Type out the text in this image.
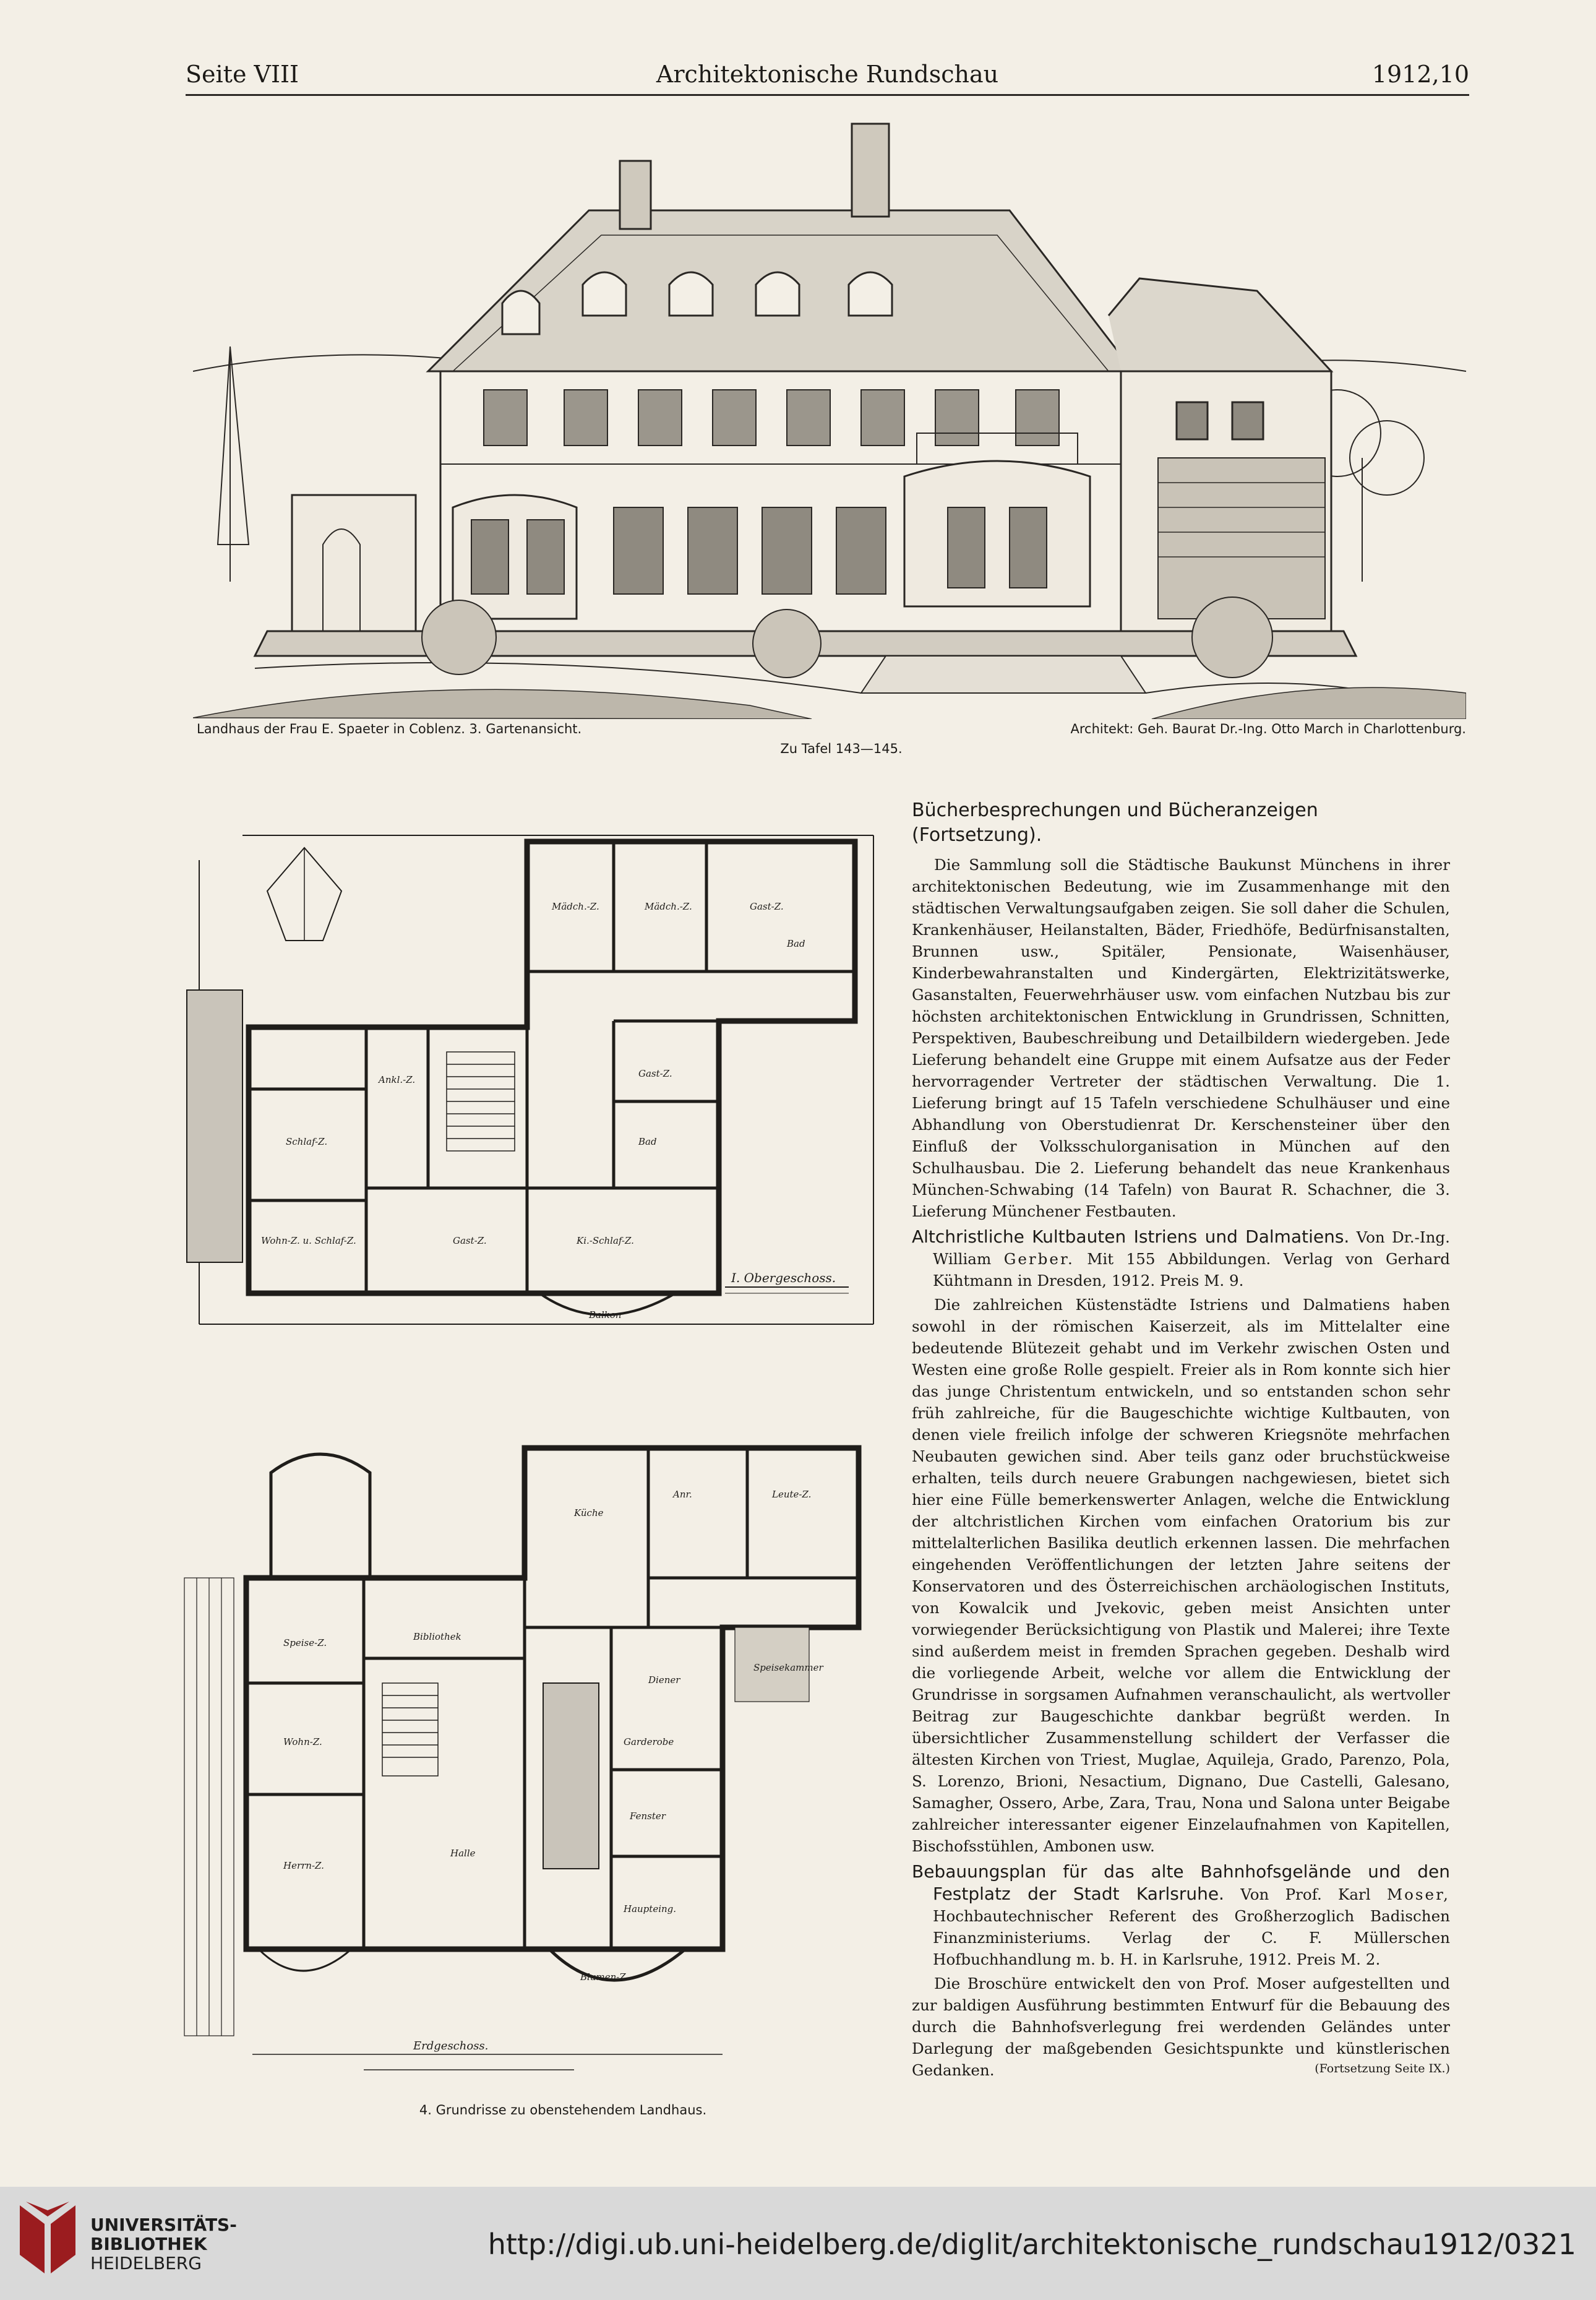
Architektonische Rundschau
Seite VIII	1912,10
Landhaus der Frau E. Spaeter in Coblenz. 3. Gartenansicht.	Architekt: Geh. Baurat Dr.-Ing. Otto March in Charlottenburg.
Zu Tafel 143—145.
Mädch.-Z.	Mädch.-Z.	Gast-Z.
Bad
Ankl.-Z.
Schlaf-Z.
Wohn-Z. u. Schlaf-Z.
Gast-Z.
Bad
Gast-Z.	Ki.-Schlaf-Z.
Balkon
I. Obergeschoss.
Küche
Anr.	Leute-Z.
Speisekammer
Diener
Speise-Z.
Bibliothek
Halle
Wohn-Z.	Garderobe
Fenster
Herrn-Z.
Haupteing.
Blumen-Z.
Erdgeschoss.
4. Grundrisse zu obenstehendem Landhaus.
Bücherbesprechungen und Bücheranzeigen (Fortsetzung).

Die Sammlung soll die Städtische Baukunst Münchens in ihrer architektonischen Bedeutung, wie im Zusammenhange mit den städtischen Verwaltungsaufgaben zeigen. Sie soll daher die Schulen, Krankenhäuser, Heilanstalten, Bäder, Friedhöfe, Bedürfnisanstalten, Brunnen usw., Spitäler, Pensionate, Waisenhäuser, Kinderbewahranstalten und Kindergärten, Elektrizitätswerke, Gasanstalten, Feuerwehrhäuser usw. vom einfachen Nutzbau bis zur höchsten architektonischen Entwicklung in Grundrissen, Schnitten, Perspektiven, Baubeschreibung und Detailbildern wiedergeben. Jede Lieferung behandelt eine Gruppe mit einem Aufsatze aus der Feder hervorragender Vertreter der städtischen Verwaltung. Die 1. Lieferung bringt auf 15 Tafeln verschiedene Schulhäuser und eine Abhandlung von Oberstudienrat Dr. Kerschensteiner über den Einfluß der Volksschulorganisation in München auf den Schulhausbau. Die 2. Lieferung behandelt das neue Krankenhaus München-Schwabing (14 Tafeln) von Baurat R. Schachner, die 3. Lieferung Münchener Festbauten.

Altchristliche Kultbauten Istriens und Dalmatiens. Von Dr.-Ing. William Gerber. Mit 155 Abbildungen. Verlag von Gerhard Kühtmann in Dresden, 1912. Preis M. 9.

Die zahlreichen Küstenstädte Istriens und Dalmatiens haben sowohl in der römischen Kaiserzeit, als im Mittelalter eine bedeutende Blütezeit gehabt und im Verkehr zwischen Osten und Westen eine große Rolle gespielt. Freier als in Rom konnte sich hier das junge Christentum entwickeln, und so entstanden schon sehr früh zahlreiche, für die Baugeschichte wichtige Kultbauten, von denen viele freilich infolge der schweren Kriegsnöte mehrfachen Neubauten gewichen sind. Aber teils ganz oder bruchstückweise erhalten, teils durch neuere Grabungen nachgewiesen, bietet sich hier eine Fülle bemerkenswerter Anlagen, welche die Entwicklung der altchristlichen Kirchen vom einfachen Oratorium bis zur mittelalterlichen Basilika deutlich erkennen lassen. Die mehrfachen eingehenden Veröffentlichungen der letzten Jahre seitens der Konservatoren und des Österreichischen archäologischen Instituts, von Kowalcik und Jvekovic, geben meist Ansichten unter vorwiegender Berücksichtigung von Plastik und Malerei; ihre Texte sind außerdem meist in fremden Sprachen gegeben. Deshalb wird die vorliegende Arbeit, welche vor allem die Entwicklung der Grundrisse in sorgsamen Aufnahmen veranschaulicht, als wertvoller Beitrag zur Baugeschichte dankbar begrüßt werden. In übersichtlicher Zusammenstellung schildert der Verfasser die ältesten Kirchen von Triest, Muglae, Aquileja, Grado, Parenzo, Pola, S. Lorenzo, Brioni, Nesactium, Dignano, Due Castelli, Galesano, Samagher, Ossero, Arbe, Zara, Trau, Nona und Salona unter Beigabe zahlreicher interessanter eigener Einzelaufnahmen von Kapitellen, Bischofsstühlen, Ambonen usw.

Bebauungsplan für das alte Bahnhofsgelände und den Festplatz der Stadt Karlsruhe. Von Prof. Karl Moser, Hochbautechnischer Referent des Großherzoglich Badischen Finanzministeriums. Verlag der C. F. Müllerschen Hofbuchhandlung m. b. H. in Karlsruhe, 1912. Preis M. 2.

Die Broschüre entwickelt den von Prof. Moser aufgestellten und zur baldigen Ausführung bestimmten Entwurf für die Bebauung des durch die Bahnhofsverlegung frei werdenden Geländes unter Darlegung der maßgebenden Gesichtspunkte und künstlerischen Gedanken.	(Fortsetzung Seite IX.)
UNIVERSITÄTS-
BIBLIOTHEK
HEIDELBERG
http://digi.ub.uni-heidelberg.de/diglit/architektonische_rundschau1912/0321
